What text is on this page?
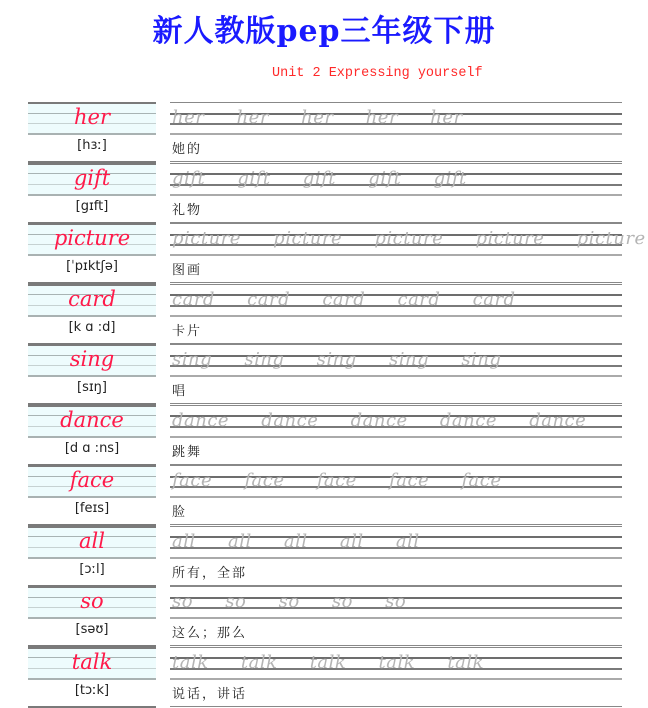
新人教版pep三年级下册
Unit 2 Expressing yourself
her	her her her her her
[hɜː]	她的
gift	gift gift gift gift gift
[gɪft]	礼物
picture	picture picture picture picture picture
[ˈpɪktʃə]	图画
card	card card card card card
[k ɑ :d]	卡片
sing	sing sing sing sing sing
[sɪŋ]	唱
dance	dance dance dance dance dance
[d ɑ :ns]	跳舞
face	face face face face face
[feɪs]	脸
all	all all all all all
[ɔːl]	所有，全部
so	so so so so so
[səʊ]	这么；那么
talk	talk talk talk talk talk
[tɔːk]	说话，讲话
